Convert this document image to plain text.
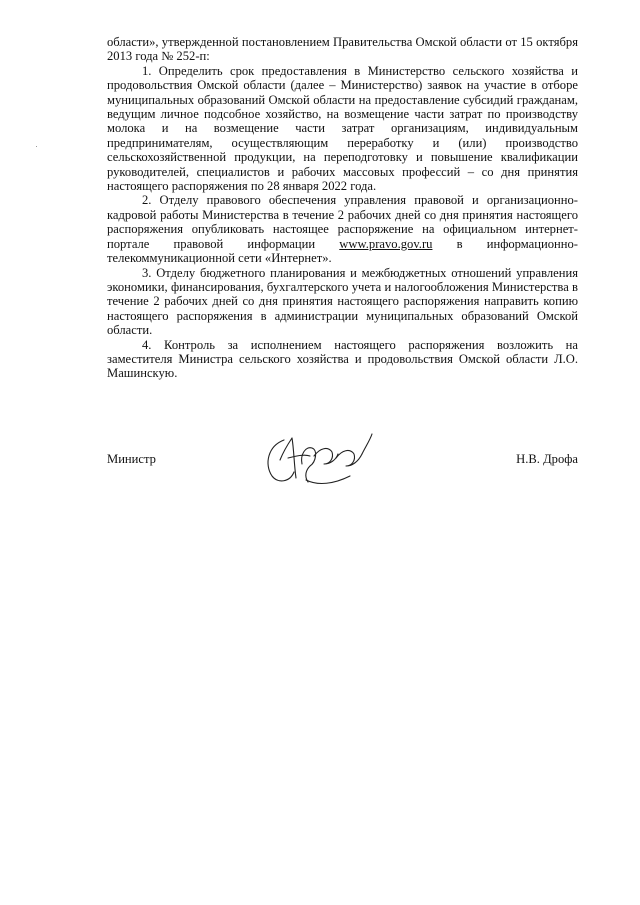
области», утвержденной постановлением Правительства Омской области от 15 октября 2013 года № 252-п:

1. Определить срок предоставления в Министерство сельского хозяйства и продовольствия Омской области (далее – Министерство) заявок на участие в отборе муниципальных образований Омской области на предоставление субсидий гражданам, ведущим личное подсобное хозяйство, на возмещение части затрат по производству молока и на возмещение части затрат организациям, индивидуальным предпринимателям, осуществляющим переработку и (или) производство сельскохозяйственной продукции, на переподготовку и повышение квалификации руководителей, специалистов и рабочих массовых профессий – со дня принятия настоящего распоряжения по 28 января 2022 года.

2. Отделу правового обеспечения управления правовой и организационно-кадровой работы Министерства в течение 2 рабочих дней со дня принятия настоящего распоряжения опубликовать настоящее распоряжение на официальном интернет-портале правовой информации www.pravo.gov.ru в информационно-телекоммуникационной сети «Интернет».

3. Отделу бюджетного планирования и межбюджетных отношений управления экономики, финансирования, бухгалтерского учета и налогообложения Министерства в течение 2 рабочих дней со дня принятия настоящего распоряжения направить копию настоящего распоряжения в администрации муниципальных образований Омской области.

4. Контроль за исполнением настоящего распоряжения возложить на заместителя Министра сельского хозяйства и продовольствия Омской области Л.О. Машинскую.

Министр	Н.В. Дрофа
